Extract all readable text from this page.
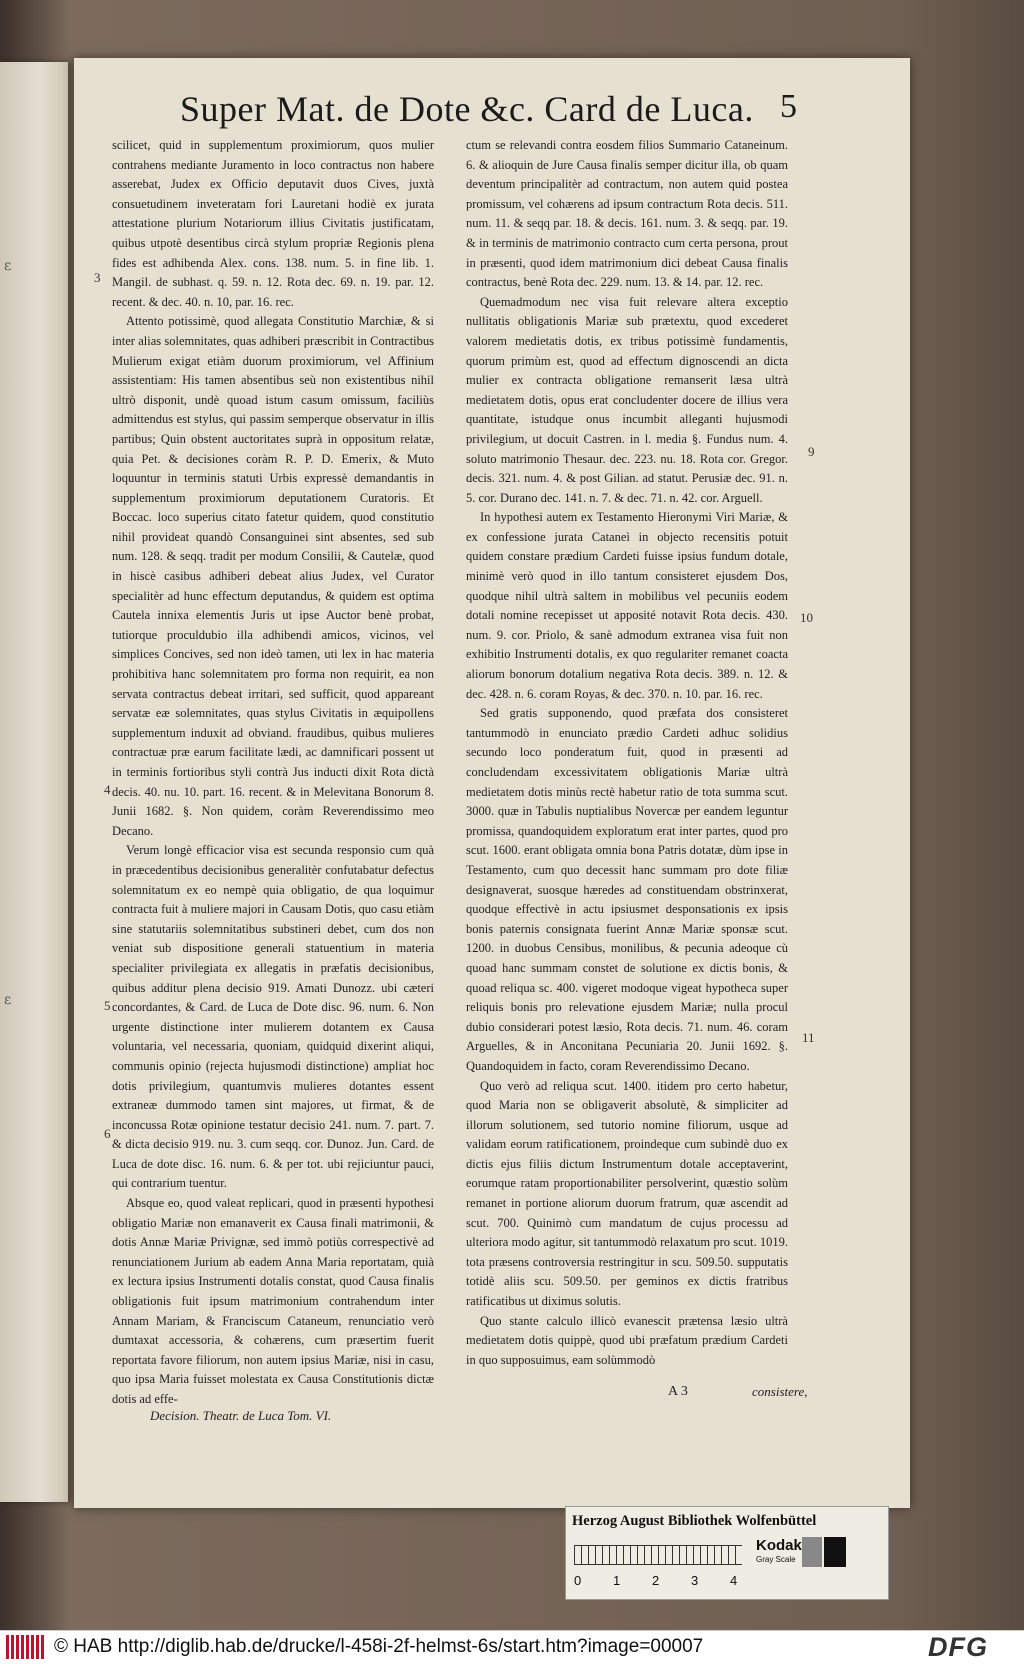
ε
ε
Super Mat. de Dote &c. Card de Luca. 5

scilicet, quid in supplementum proximiorum, quos mulier contrahens mediante Juramento in loco contractus non habere asserebat, Judex ex Officio deputavit duos Cives, juxtà consuetudinem inveteratam fori Lauretani hodiè ex jurata attestatione plurium Notariorum illius Civitatis justificatam, quibus utpotè desentibus circà stylum propriæ Regionis plena fides est adhibenda Alex. cons. 138. num. 5. in fine lib. 1. Mangil. de subhast. q. 59. n. 12. Rota dec. 69. n. 19. par. 12. recent. & dec. 40. n. 10, par. 16. rec.

Attento potissimè, quod allegata Constitutio Marchiæ, & si inter alias solemnitates, quas adhiberi præscribit in Contractibus Mulierum exigat etiàm duorum proximiorum, vel Affinium assistentiam: His tamen absentibus seù non existentibus nihil ultrò disponit, undè quoad istum casum omissum, faciliùs admittendus est stylus, qui passim semperque observatur in illis partibus; Quin obstent auctoritates suprà in oppositum relatæ, quia Pet. & decisiones coràm R. P. D. Emerix, & Muto loquuntur in terminis statuti Urbis expressè demandantis in supplementum proximiorum deputationem Curatoris. Et Boccac. loco superius citato fatetur quidem, quod constitutio nihil provideat quandò Consanguinei sint absentes, sed sub num. 128. & seqq. tradit per modum Consilii, & Cautelæ, quod in hiscè casibus adhiberi debeat alius Judex, vel Curator specialitèr ad hunc effectum deputandus, & quidem est optima Cautela innixa elementis Juris ut ipse Auctor benè probat, tutiorque proculdubio illa adhibendi amicos, vicinos, vel simplices Concives, sed non ideò tamen, uti lex in hac materia prohibitiva hanc solemnitatem pro forma non requirit, ea non servata contractus debeat irritari, sed sufficit, quod appareant servatæ eæ solemnitates, quas stylus Civitatis in æquipollens supplementum induxit ad obviand. fraudibus, quibus mulieres contractuæ præ earum facilitate lædi, ac damnificari possent ut in terminis fortioribus styli contrà Jus inducti dixit Rota dictà decis. 40. nu. 10. part. 16. recent. & in Melevitana Bonorum 8. Junii 1682. §. Non quidem, coràm Reverendissimo meo Decano.

Verum longè efficacior visa est secunda responsio cum quà in præcedentibus decisionibus generalitèr confutabatur defectus solemnitatum ex eo nempè quia obligatio, de qua loquimur contracta fuit à muliere majori in Causam Dotis, quo casu etiàm sine statutariis solemnitatibus substineri debet, cum dos non veniat sub dispositione generali statuentium in materia specialiter privilegiata ex allegatis in præfatis decisionibus, quibus additur plena decisio 919. Amati Dunozz. ubi cæteri concordantes, & Card. de Luca de Dote disc. 96. num. 6. Non urgente distinctione inter mulierem dotantem ex Causa voluntaria, vel necessaria, quoniam, quidquid dixerint aliqui, communis opinio (rejecta hujusmodi distinctione) ampliat hoc dotis privilegium, quantumvis mulieres dotantes essent extraneæ dummodo tamen sint majores, ut firmat, & de inconcussa Rotæ opinione testatur decisio 241. num. 7. part. 7. & dicta decisio 919. nu. 3. cum seqq. cor. Dunoz. Jun. Card. de Luca de dote disc. 16. num. 6. & per tot. ubi rejiciuntur pauci, qui contrarium tuentur.

Absque eo, quod valeat replicari, quod in præsenti hypothesi obligatio Mariæ non emanaverit ex Causa finali matrimonii, & dotis Annæ Mariæ Privignæ, sed immò potiùs correspectivè ad renunciationem Jurium ab eadem Anna Maria reportatam, quià ex lectura ipsius Instrumenti dotalis constat, quod Causa finalis obligationis fuit ipsum matrimonium contrahendum inter Annam Mariam, & Franciscum Cataneum, renunciatio verò dumtaxat accessoria, & cohærens, cum præsertim fuerit reportata favore filiorum, non autem ipsius Mariæ, nisi in casu, quo ipsa Maria fuisset molestata ex Causa Constitutionis dictæ dotis ad effe-

ctum se relevandi contra eosdem filios Summario Cataneinum. 6. & alioquin de Jure Causa finalis semper dicitur illa, ob quam deventum principalitèr ad contractum, non autem quid postea promissum, vel cohærens ad ipsum contractum Rota decis. 511. num. 11. & seqq par. 18. & decis. 161. num. 3. & seqq. par. 19. & in terminis de matrimonio contracto cum certa persona, prout in præsenti, quod idem matrimonium dici debeat Causa finalis contractus, benè Rota dec. 229. num. 13. & 14. par. 12. rec.

Quemadmodum nec visa fuit relevare altera exceptio nullitatis obligationis Mariæ sub prætextu, quod excederet valorem medietatis dotis, ex tribus potissimè fundamentis, quorum primùm est, quod ad effectum dignoscendi an dicta mulier ex contracta obligatione remanserit læsa ultrà medietatem dotis, opus erat concludenter docere de illius vera quantitate, istudque onus incumbit alleganti hujusmodi privilegium, ut docuit Castren. in l. media §. Fundus num. 4. soluto matrimonio Thesaur. dec. 223. nu. 18. Rota cor. Gregor. decis. 321. num. 4. & post Gilian. ad statut. Perusiæ dec. 91. n. 5. cor. Durano dec. 141. n. 7. & dec. 71. n. 42. cor. Arguell.

In hypothesi autem ex Testamento Hieronymi Viri Mariæ, & ex confessione jurata Cataneì in objecto recensitis potuit quidem constare prædium Cardeti fuisse ipsius fundum dotale, minimè verò quod in illo tantum consisteret ejusdem Dos, quodque nihil ultrà saltem in mobilibus vel pecuniis eodem dotali nomine recepisset ut apposité notavit Rota decis. 430. num. 9. cor. Priolo, & sanè admodum extranea visa fuit non exhibitio Instrumenti dotalis, ex quo regulariter remanet coacta aliorum bonorum dotalium negativa Rota decis. 389. n. 12. & dec. 428. n. 6. coram Royas, & dec. 370. n. 10. par. 16. rec.

Sed gratis supponendo, quod præfata dos consisteret tantummodò in enunciato prædio Cardeti adhuc solidius secundo loco ponderatum fuit, quod in præsenti ad concludendam excessivitatem obligationis Mariæ ultrà medietatem dotis minùs rectè habetur ratio de tota summa scut. 3000. quæ in Tabulis nuptialibus Novercæ per eandem leguntur promissa, quandoquidem exploratum erat inter partes, quod pro scut. 1600. erant obligata omnia bona Patris dotatæ, dùm ipse in Testamento, cum quo decessit hanc summam pro dote filiæ designaverat, suosque hæredes ad constituendam obstrinxerat, quodque effectivè in actu ipsiusmet desponsationis ex ipsis bonis paternis consignata fuerint Annæ Mariæ sponsæ scut. 1200. in duobus Censibus, monilibus, & pecunia adeoque cù quoad hanc summam constet de solutione ex dictis bonis, & quoad reliqua sc. 400. vigeret modoque vigeat hypotheca super reliquis bonis pro relevatione ejusdem Mariæ; nulla procul dubio considerari potest læsio, Rota decis. 71. num. 46. coram Arguelles, & in Anconitana Pecuniaria 20. Junii 1692. §. Quandoquidem in facto, coram Reverendissimo Decano.

Quo verò ad reliqua scut. 1400. itidem pro certo habetur, quod Maria non se obligaverit absolutè, & simpliciter ad illorum solutionem, sed tutorio nomine filiorum, usque ad validam eorum ratificationem, proindeque cum subindè duo ex dictis ejus filiis dictum Instrumentum dotale acceptaverint, eorumque ratam proportionabiliter persolverint, quæstio solùm remanet in portione aliorum duorum fratrum, quæ ascendit ad scut. 700. Quinimò cum mandatum de cujus processu ad ulteriora modo agitur, sit tantummodò relaxatum pro scut. 1019. tota præsens controversia restringitur in scu. 509.50. supputatis totidè aliis scu. 509.50. per geminos ex dictis fratribus ratificatibus ut diximus solutis.

Quo stante calculo illicò evanescit prætensa læsio ultrà medietatem dotis quippè, quod ubi præfatum prædium Cardeti in quo supposuimus, eam solùmmodò

3
4
5
6
9
10
11
Decision. Theatr. de Luca Tom. VI.
A 3	consistere,
Herzog August Bibliothek Wolfenbüttel
Kodak
Gray Scale
0 1 2 3 4
© HAB http://diglib.hab.de/drucke/l-458i-2f-helmst-6s/start.htm?image=00007	DFG
